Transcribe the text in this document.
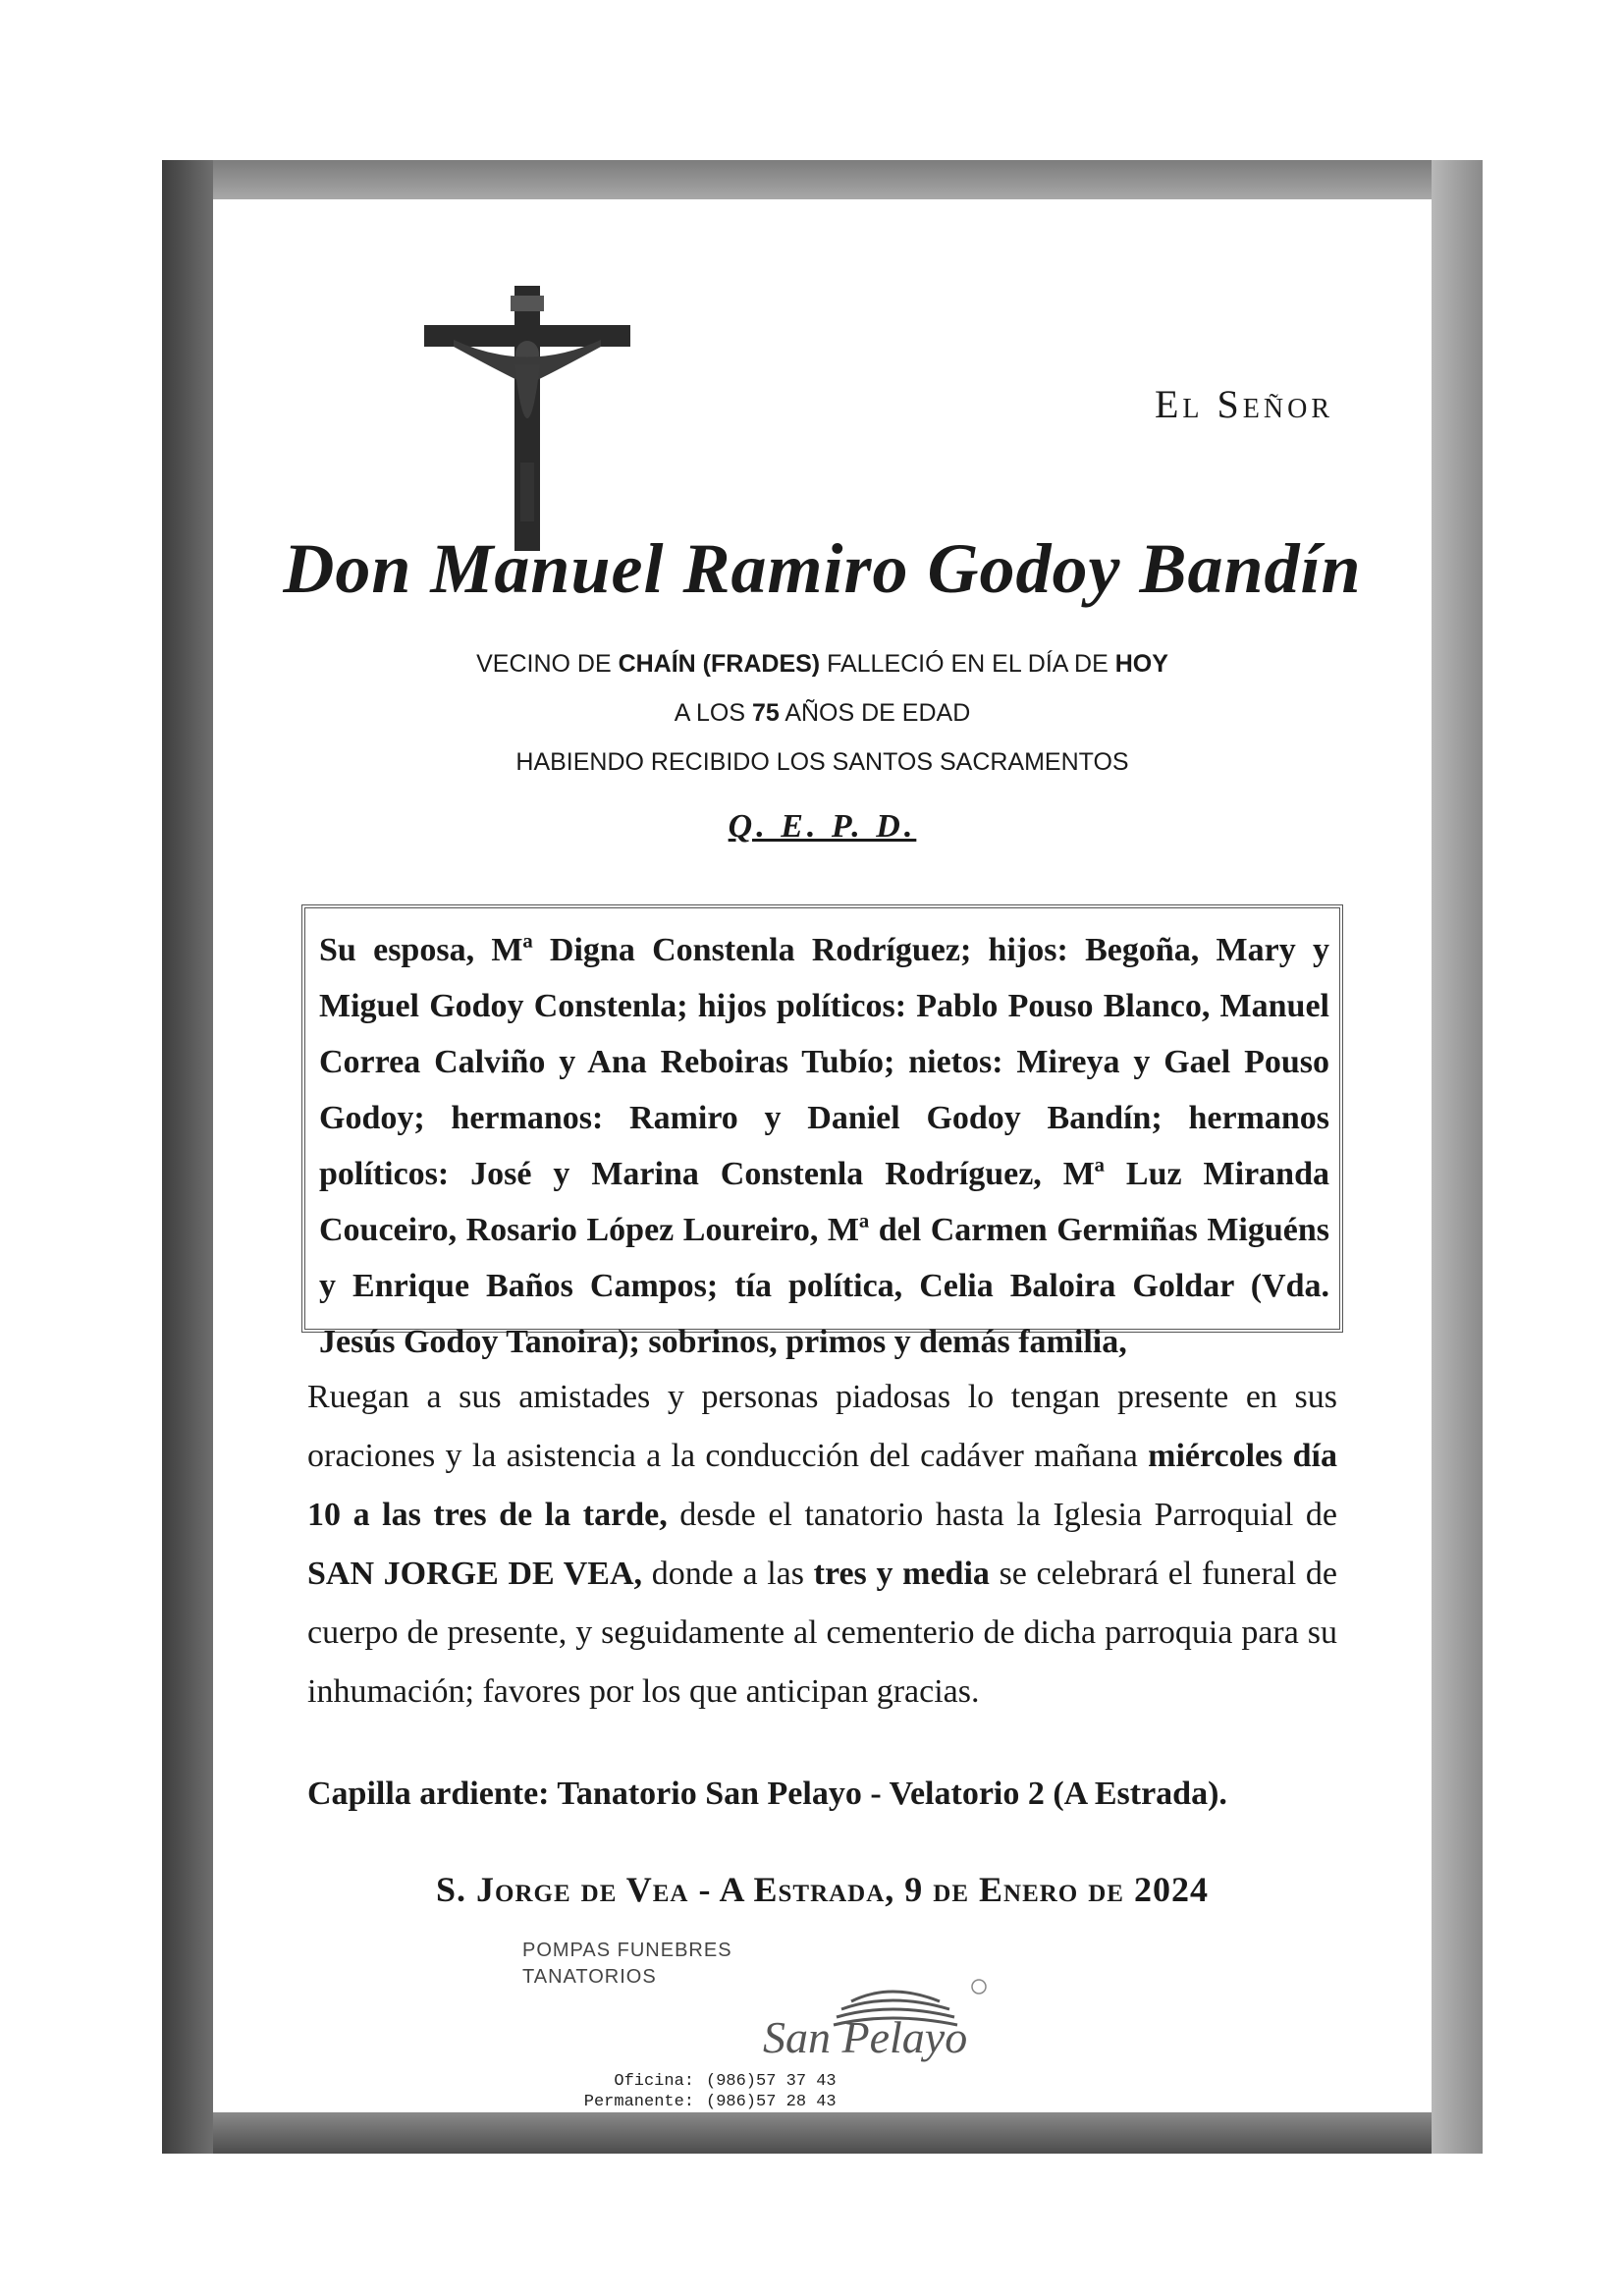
El Señor
Don Manuel Ramiro Godoy Bandín
VECINO DE CHAÍN (FRADES) FALLECIÓ EN EL DÍA DE HOY
A LOS 75 AÑOS DE EDAD
HABIENDO RECIBIDO LOS SANTOS SACRAMENTOS
Q. E. P. D.
Su esposa, Mª Digna Constenla Rodríguez; hijos: Begoña, Mary y Miguel Godoy Constenla; hijos políticos: Pablo Pouso Blanco, Manuel Correa Calviño y Ana Reboiras Tubío; nietos: Mireya y Gael Pouso Godoy; hermanos: Ramiro y Daniel Godoy Bandín; hermanos políticos: José y Marina Constenla Rodríguez, Mª Luz Miranda Couceiro, Rosario López Loureiro, Mª del Carmen Germiñas Miguéns y Enrique Baños Campos; tía política, Celia Baloira Goldar (Vda. Jesús Godoy Tanoira); sobrinos, primos y demás familia,
Ruegan a sus amistades y personas piadosas lo tengan presente en sus oraciones y la asistencia a la conducción del cadáver mañana miércoles día 10 a las tres de la tarde, desde el tanatorio hasta la Iglesia Parroquial de SAN JORGE DE VEA, donde a las tres y media se celebrará el funeral de cuerpo de presente, y seguidamente al cementerio de dicha parroquia para su inhumación; favores por los que anticipan gracias.
Capilla ardiente: Tanatorio San Pelayo - Velatorio 2 (A Estrada).
S. Jorge de Vea - A Estrada, 9 de Enero de 2024
POMPAS FUNEBRES
TANATORIOS
San Pelayo
Oficina: (986)57 37 43
Permanente: (986)57 28 43
